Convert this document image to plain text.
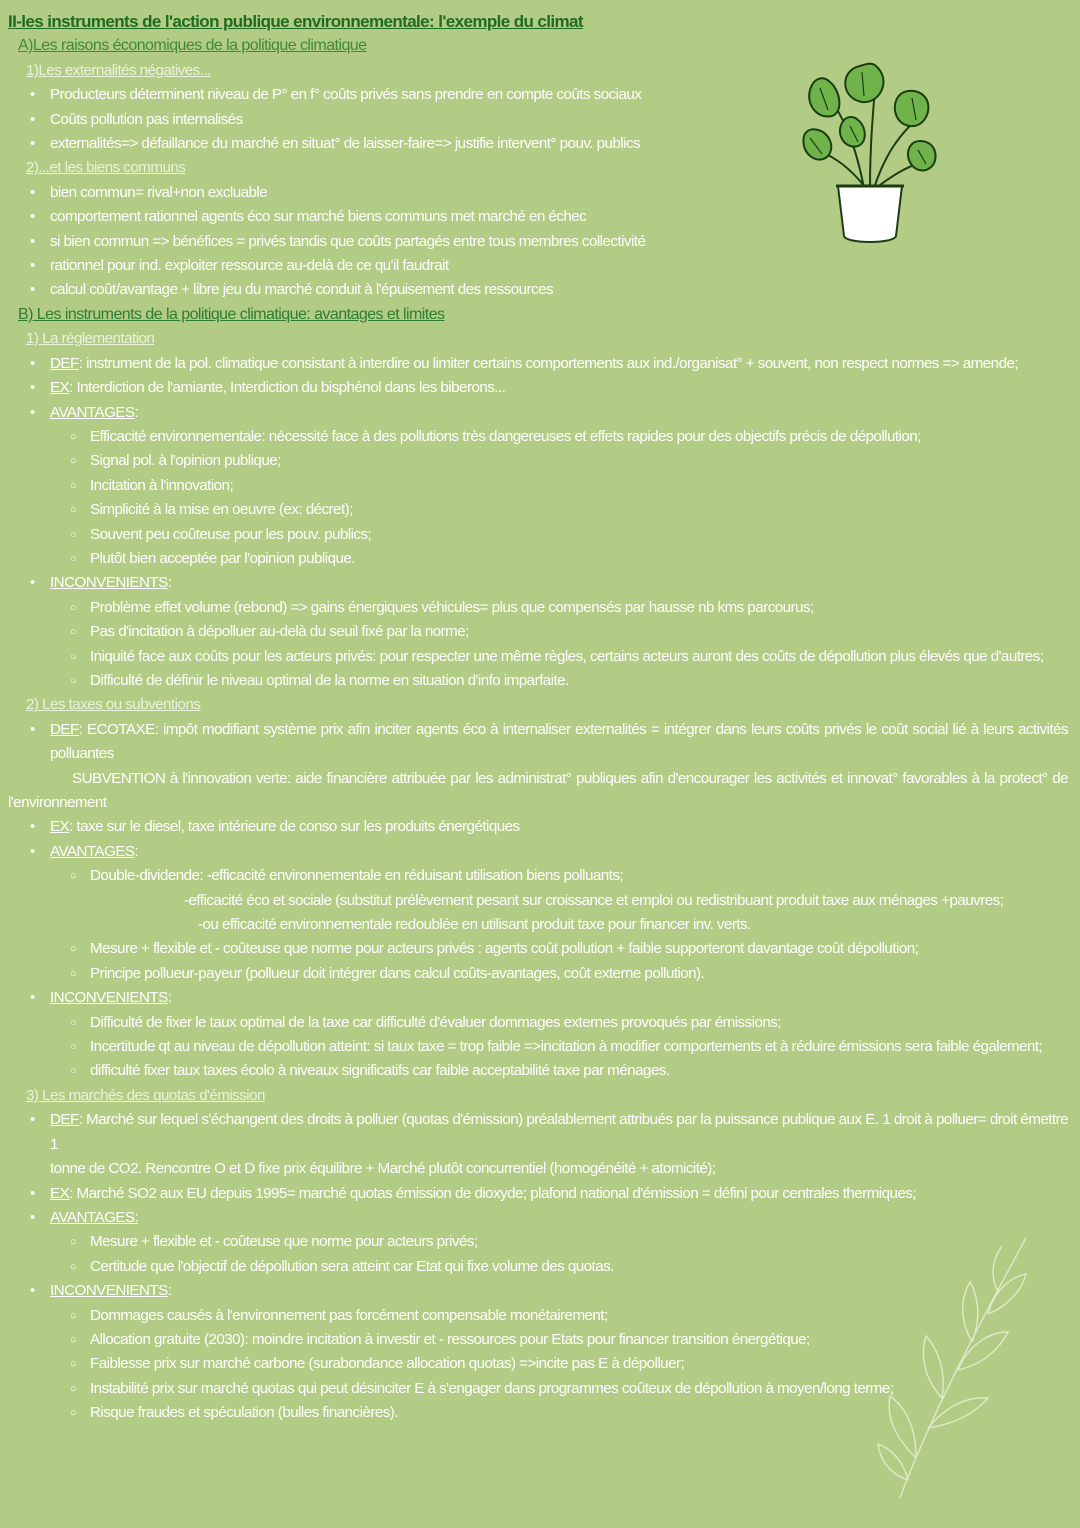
II-les instruments de l'action publique environnementale: l'exemple du climat
A)Les raisons économiques de la politique climatique
1)Les externalités négatives...
• Producteurs déterminent niveau de P° en f° coûts privés sans prendre en compte coûts sociaux
• Coûts pollution pas internalisés
• externalités=> défaillance du marché en situat° de laisser-faire=> justifie intervent° pouv. publics
2)...et les biens communs
• bien commun= rival+non excluable
• comportement rationnel agents éco sur marché biens communs met marché en échec
• si bien commun => bénéfices = privés tandis que coûts partagés entre tous membres collectivité
• rationnel pour ind. exploiter ressource au-delà de ce qu'il faudrait
• calcul coût/avantage + libre jeu du marché conduit à l'épuisement des ressources
B) Les instruments de la politique climatique: avantages et limites
1) La réglementation
• DEF: instrument de la pol. climatique consistant à interdire ou limiter certains comportements aux ind./organisat° + souvent, non respect normes => amende;
• EX: Interdiction de l'amiante, Interdiction du bisphénol dans les biberons...
• AVANTAGES:
○ Efficacité environnementale: nécessité face à des pollutions très dangereuses et effets rapides pour des objectifs précis de dépollution;
○ Signal pol. à l'opinion publique;
○ Incitation à l'innovation;
○ Simplicité à la mise en oeuvre (ex: décret);
○ Souvent peu coûteuse pour les pouv. publics;
○ Plutôt bien acceptée par l'opinion publique.
• INCONVENIENTS:
○ Problème effet volume (rebond) => gains énergiques véhicules= plus que compensés par hausse nb kms parcourus;
○ Pas d'incitation à dépolluer au-delà du seuil fixé par la norme;
○ Iniquité face aux coûts pour les acteurs privés: pour respecter une même règles, certains acteurs auront des coûts de dépollution plus élevés que d'autres;
○ Difficulté de définir le niveau optimal de la norme en situation d'info imparfaite.
2) Les taxes ou subventions
• DEF: ECOTAXE: impôt modifiant système prix afin inciter agents éco à internaliser externalités = intégrer dans leurs coûts privés le coût social lié à leurs activités
polluantes
SUBVENTION à l'innovation verte: aide financière attribuée par les administrat° publiques afin d'encourager les activités et innovat° favorables à la protect° de
l'environnement
• EX: taxe sur le diesel, taxe intérieure de conso sur les produits énergétiques
• AVANTAGES:
○ Double-dividende: -efficacité environnementale en réduisant utilisation biens polluants;
-efficacité éco et sociale (substitut prélèvement pesant sur croissance et emploi ou redistribuant produit taxe aux ménages +pauvres;
-ou efficacité environnementale redoublée en utilisant produit taxe pour financer inv. verts.
○ Mesure + flexible et - coûteuse que norme pour acteurs privés : agents coût pollution + faible supporteront davantage coût dépollution;
○ Principe pollueur-payeur (pollueur doit intégrer dans calcul coûts-avantages, coût externe pollution).
• INCONVENIENTS:
○ Difficulté de fixer le taux optimal de la taxe car difficulté d'évaluer dommages externes provoqués par émissions;
○ Incertitude qt au niveau de dépollution atteint: si taux taxe = trop faible =>incitation à modifier comportements et à réduire émissions sera faible également;
○ difficulté fixer taux taxes écolo à niveaux significatifs car faible acceptabilité taxe par ménages.
3) Les marchés des quotas d'émission
• DEF: Marché sur lequel s'échangent des droits à polluer (quotas d'émission) préalablement attribués par la puissance publique aux E. 1 droit à polluer= droit émettre 1
tonne de CO2. Rencontre O et D fixe prix équilibre + Marché plutôt concurrentiel (homogénéité + atomicité);
• EX: Marché SO2 aux EU depuis 1995= marché quotas émission de dioxyde; plafond national d'émission = défini pour centrales thermiques;
• AVANTAGES:
○ Mesure + flexible et - coûteuse que norme pour acteurs privés;
○ Certitude que l'objectif de dépollution sera atteint car Etat qui fixe volume des quotas.
• INCONVENIENTS:
○ Dommages causés à l'environnement pas forcément compensable monétairement;
○ Allocation gratuite (2030): moindre incitation à investir et - ressources pour Etats pour financer transition énergétique;
○ Faiblesse prix sur marché carbone (surabondance allocation quotas) =>incite pas E à dépolluer;
○ Instabilité prix sur marché quotas qui peut désinciter E à s'engager dans programmes coûteux de dépollution à moyen/long terme;
○ Risque fraudes et spéculation (bulles financières).
